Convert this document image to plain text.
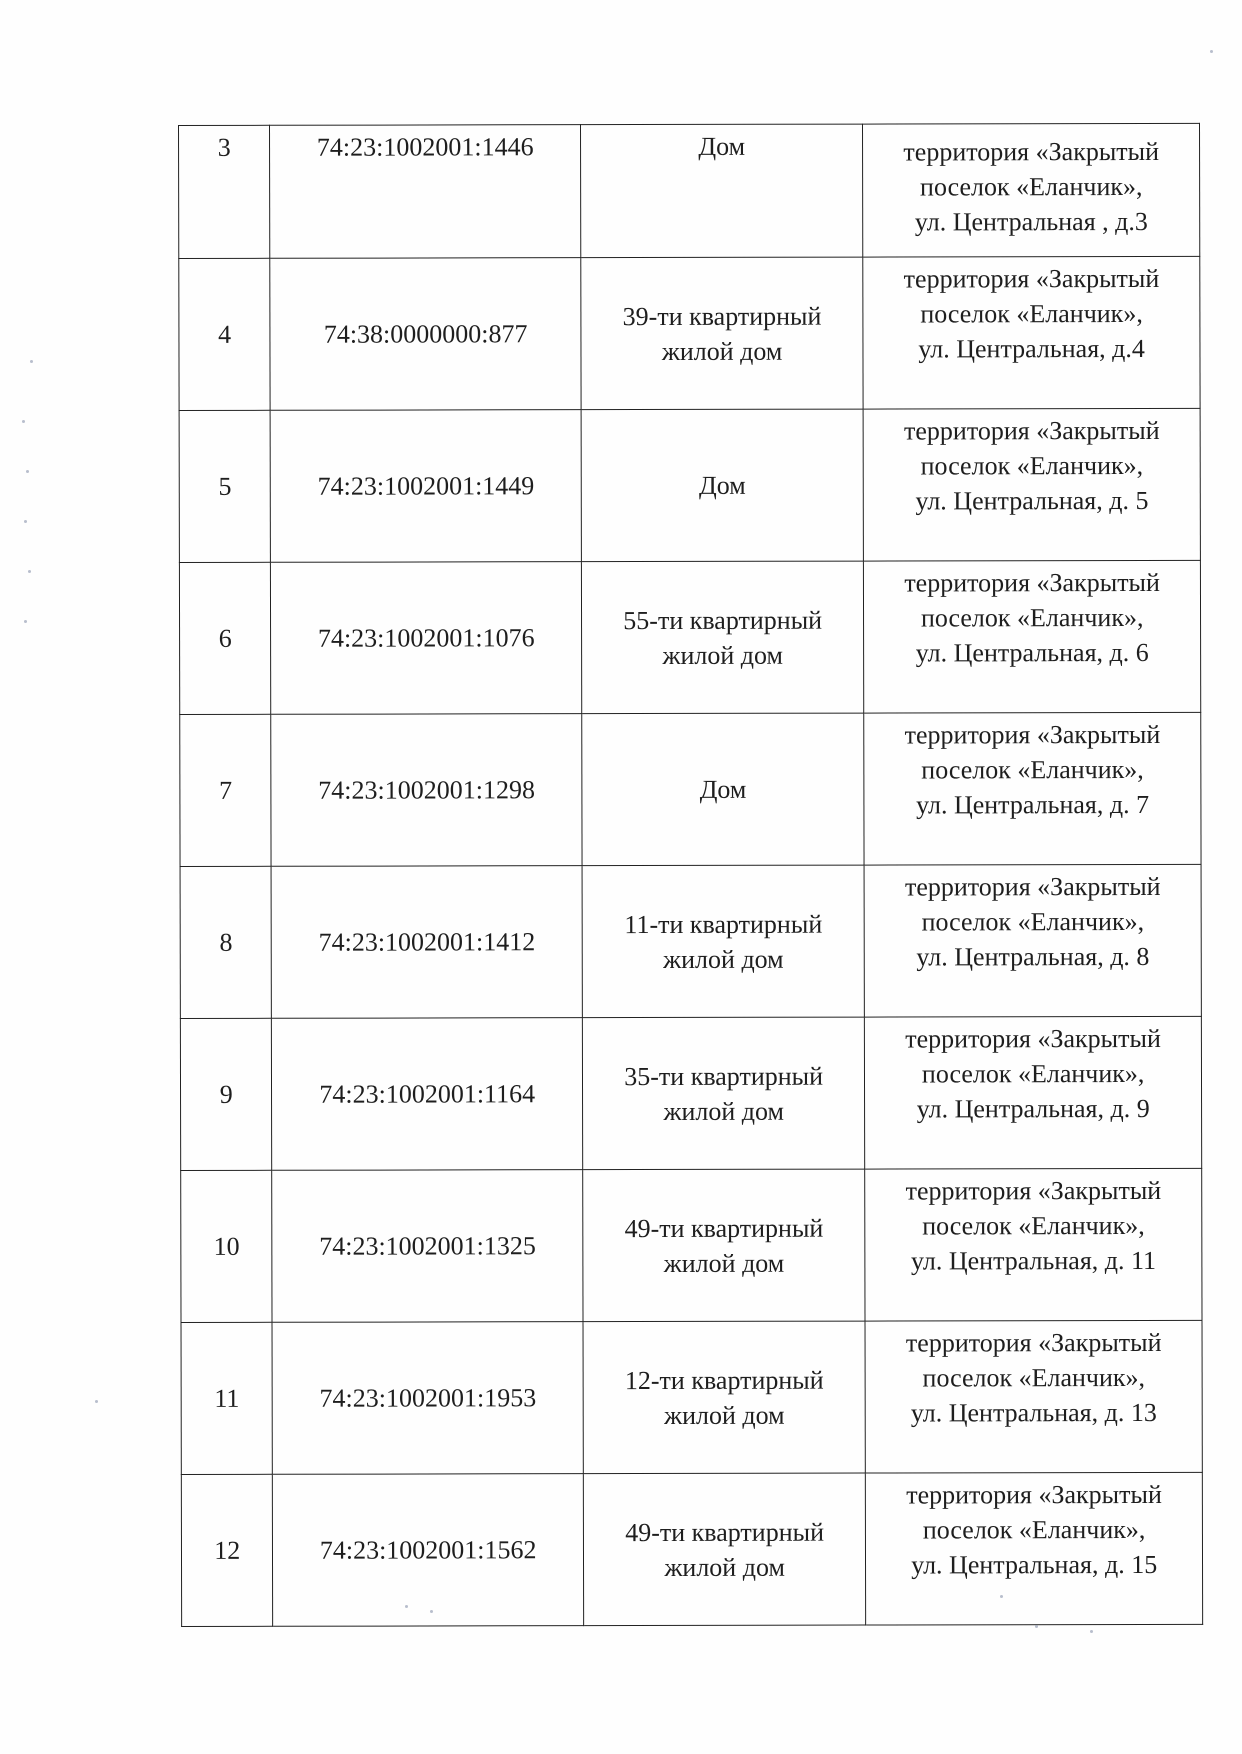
3	74:23:1002001:1446	Дом	территория «Закрытый
поселок «Еланчик»,
ул. Центральная , д.3

4	74:38:0000000:877	39-ти квартирный
жилой дом	территория «Закрытый
поселок «Еланчик»,
ул. Центральная, д.4

5	74:23:1002001:1449	Дом	территория «Закрытый
поселок «Еланчик»,
ул. Центральная, д. 5

6	74:23:1002001:1076	55-ти квартирный
жилой дом	территория «Закрытый
поселок «Еланчик»,
ул. Центральная, д. 6

7	74:23:1002001:1298	Дом	территория «Закрытый
поселок «Еланчик»,
ул. Центральная, д. 7

8	74:23:1002001:1412	11-ти квартирный
жилой дом	территория «Закрытый
поселок «Еланчик»,
ул. Центральная, д. 8

9	74:23:1002001:1164	35-ти квартирный
жилой дом	территория «Закрытый
поселок «Еланчик»,
ул. Центральная, д. 9

10	74:23:1002001:1325	49-ти квартирный
жилой дом	территория «Закрытый
поселок «Еланчик»,
ул. Центральная, д. 11

11	74:23:1002001:1953	12-ти квартирный
жилой дом	территория «Закрытый
поселок «Еланчик»,
ул. Центральная, д. 13

12	74:23:1002001:1562	49-ти квартирный
жилой дом	территория «Закрытый
поселок «Еланчик»,
ул. Центральная, д. 15
